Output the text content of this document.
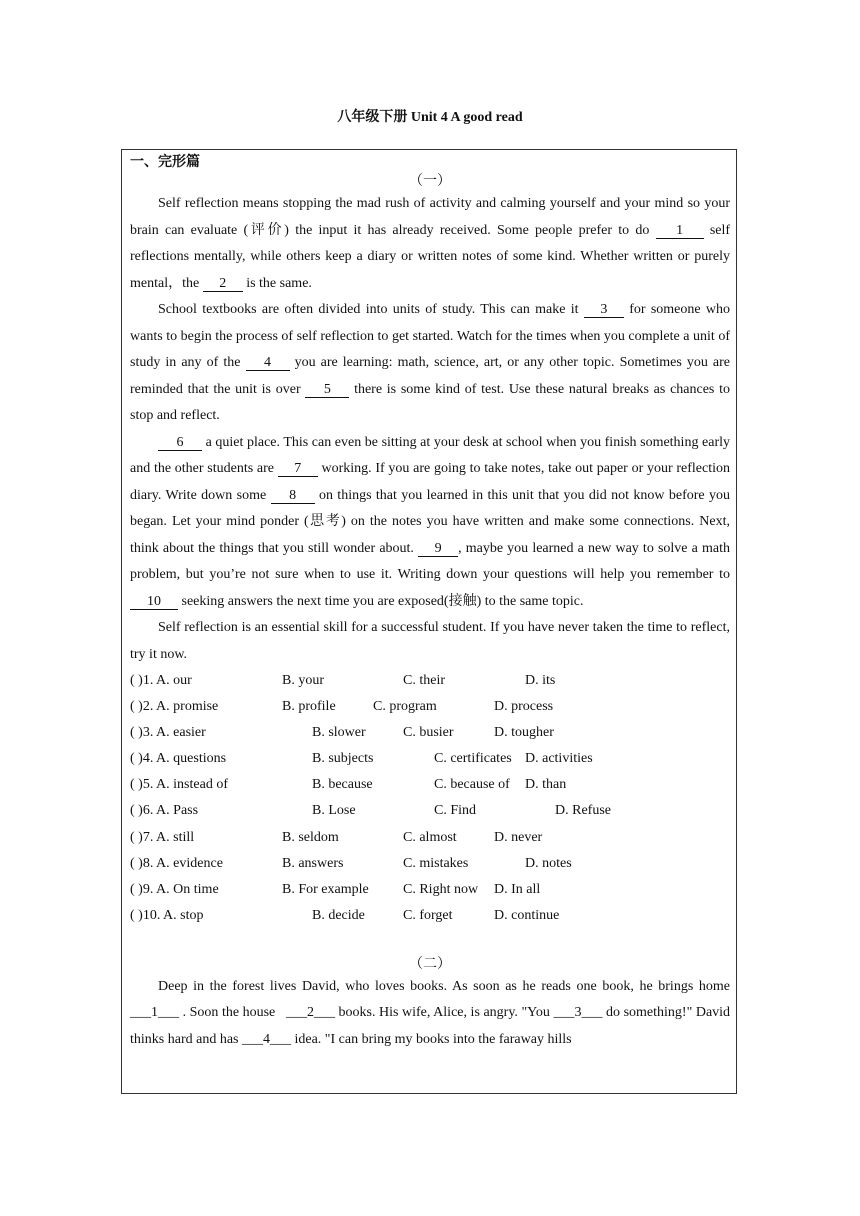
八年级下册 Unit 4 A good read
一、完形篇
（一）

Self reflection means stopping the mad rush of activity and calming yourself and your mind so your brain can evaluate (评价) the input it has already received. Some people prefer to do 1 self reflections mentally, while others keep a diary or written notes of some kind. Whether written or purely mental，the 2 is the same.

School textbooks are often divided into units of study. This can make it 3 for someone who wants to begin the process of self reflection to get started. Watch for the times when you complete a unit of study in any of the 4 you are learning: math, science, art, or any other topic. Sometimes you are reminded that the unit is over 5 there is some kind of test. Use these natural breaks as chances to stop and reflect.

6 a quiet place. This can even be sitting at your desk at school when you finish something early and the other students are 7 working. If you are going to take notes, take out paper or your reflection diary. Write down some 8 on things that you learned in this unit that you did not know before you began. Let your mind ponder (思考) on the notes you have written and make some connections. Next, think about the things that you still wonder about. 9 , maybe you learned a new way to solve a math problem, but you’re not sure when to use it. Writing down your questions will help you remember to 10 seeking answers the next time you are exposed(接触) to the same topic.

Self reflection is an essential skill for a successful student. If you have never taken the time to reflect, try it now.

( )1. A. our	B. your	C. their	D. its
( )2. A. promise	B. profile	C. program	D. process
( )3. A. easier	B. slower	C. busier	D. tougher
( )4. A. questions	B. subjects	C. certificates D. activities
( )5. A. instead of	B. because	C. because of D. than
( )6. A. Pass	B. Lose	C. Find	D. Refuse
( )7. A. still	B. seldom	C. almost	D. never
( )8. A. evidence	B. answers	C. mistakes	D. notes
( )9. A. On time	B. For example C. Right now D. In all
( )10. A. stop	B. decide	C. forget	D. continue
（二）

Deep in the forest lives David, who loves books. As soon as he reads one book, he brings home ___1___ . Soon the house ___2___ books. His wife, Alice, is angry. "You ___3___ do something!" David thinks hard and has ___4___ idea. "I can bring my books into the faraway hills
